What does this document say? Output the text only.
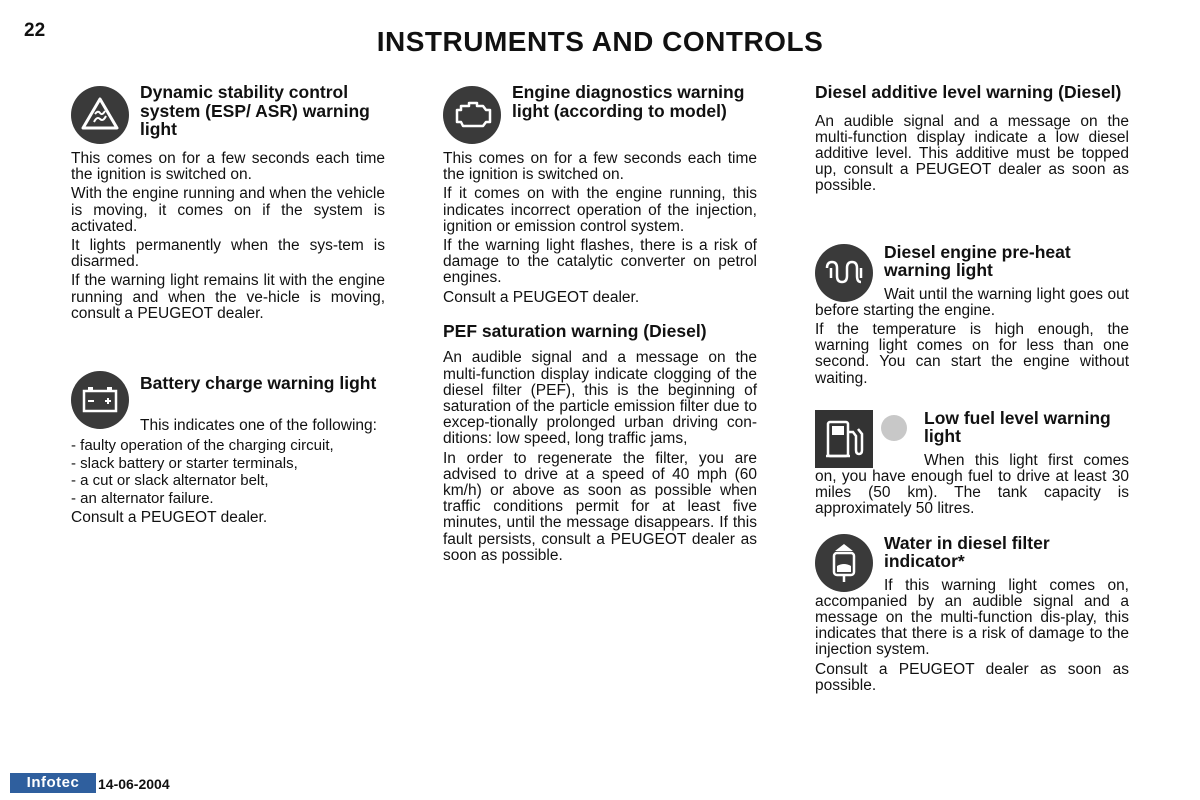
22	INSTRUMENTS AND CONTROLS
Dynamic stability control system (ESP/ ASR) warning light

This comes on for a few seconds each time the ignition is switched on.

With the engine running and when the vehicle is moving, it comes on if the system is activated.

It lights permanently when the sys-tem is disarmed.

If the warning light remains lit with the engine running and when the ve-hicle is moving, consult a PEUGEOT dealer.

Battery charge warning light

This indicates one of the following:

- faulty operation of the charging circuit,
- slack battery or starter terminals,
- a cut or slack alternator belt,
- an alternator failure.

Consult a PEUGEOT dealer.

Engine diagnostics warning light (according to model)

This comes on for a few seconds each time the ignition is switched on.

If it comes on with the engine running, this indicates incorrect operation of the injection, ignition or emission control system.

If the warning light flashes, there is a risk of damage to the catalytic converter on petrol engines.

Consult a PEUGEOT dealer.

PEF saturation warning (Diesel)

An audible signal and a message on the multi-function display indicate clogging of the diesel filter (PEF), this is the beginning of saturation of the particle emission filter due to excep-tionally prolonged urban driving con-ditions: low speed, long traffic jams,

In order to regenerate the filter, you are advised to drive at a speed of 40 mph (60 km/h) or above as soon as possible when traffic conditions permit for at least five minutes, until the message disappears. If this fault persists, consult a PEUGEOT dealer as soon as possible.

Diesel additive level warning (Diesel)

An audible signal and a message on the multi-function display indicate a low diesel additive level. This additive must be topped up, consult a PEUGEOT dealer as soon as possible.

Diesel engine pre-heat warning light

Wait until the warning light goes out before starting the engine.

If the temperature is high enough, the warning light comes on for less than one second. You can start the engine without waiting.

Low fuel level warning light

When this light first comes on, you have enough fuel to drive at least 30 miles (50 km). The tank capacity is approximately 50 litres.

Water in diesel filter indicator*

If this warning light comes on, accompanied by an audible signal and a message on the multi-function dis-play, this indicates that there is a risk of damage to the injection system.

Consult a PEUGEOT dealer as soon as possible.

Infotec	14-06-2004
